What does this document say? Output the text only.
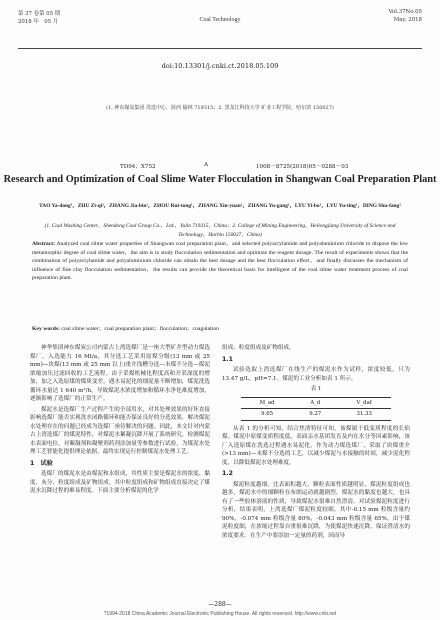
第 37 卷第 05 期
2018 年　05 月	Coal Technology
Vol.37No.05
May. 2018
doi:10.13301/j.cnki.ct.2018.05.109
(1. 神东煤炭集团 洗选中心，陕西 榆林 719315；2. 黑龙江科技大学 矿业工程学院，哈尔滨 150027)
TD94；X752	A	1008－8725(2018)05－0288－03
Research and Optimization of Coal Slime Water Flocculation in Shangwan Coal Preparation Plant
TAO Ya-dong¹，ZHU Zi-qi²，ZHANG Jia-bin¹，ZHOU Rui-tong¹，ZHANG Xin-yuan²，ZHANG Yu-gang¹，LYU Yi-bo¹，LYU Yu-ting¹，DING Shu-fang²
(1. Coal Washing Center，Shendong Coal Group Co.，Ltd.，Yulin 719315，China；2. College of Mining Engineering，Heilongjiang University of Science and Technology，Harbin 150027，China)
Abstract: Analyzed coal slime water properties of Shangwan coal preparation plant，and selected polyacrylamide and polyaluminium chloride to dispose the low metamorphic degree of coal slime water，the aim is to study flocculation sedimentation and optimize the reagent dosage. The result of experiments shows that the combination of polyacrylamide and polyaluminium chloride can obtain the best dosage and the best flocculation effect，and finally discusses the mechanism of influence of fine clay flocculation sedimentation，the results can provide the theoretical basis for intelligent of the coal slime water treatment process of coal preparation plant.
Key words: coal slime water；coal preparation plant；flocculation；coagulation

神华集团神东煤炭公司内蒙古上湾选煤厂是一座大型矿井型动力煤选煤厂，入选能力 16 Mt/a，其分选工艺采用原煤分级(13 mm 或 25 mm)—块煤(13 mm 或 25 mm 以上)重介浅槽分选—末煤不分选—煤泥浓缩加压过滤回收的工艺流程。由于采煤机械化程度高和开采深度的增加，加之入选原煤的煤质变差，遇水易泥化的细泥量不断增加，煤泥洗选循环水量达 1 640 m³/h，导致煤泥水浓度增加和循环水净化难度增加，逐渐影响了选煤厂的正常生产。

煤泥水是选煤厂生产过程产生的全部用水，对其处理效果的好坏直接影响选煤厂能否实现洗水闭路循环和能否保证良好的分选效果，解决煤泥水处理存在的问题已经成为选煤厂亟待解决的问题。因此，本文针对内蒙古上湾选煤厂的煤泥特性，对煤泥水絮凝沉降开展了系统研究，检测煤泥水表面电位，对絮凝剂和凝聚剂药剂添加量等参数进行试验，为煤泥水处理工艺智能化提供理论依据，最终实现运行控制煤泥水处理工艺。

1　试验

选煤厂的煤泥水是由煤泥和水组成，其性质主要是煤泥水的浓度、黏度、灰分、粒度组成及矿物组成。其中粒度组成和矿物组成直接决定了煤泥水沉降过程的难易程度。下面主要分析煤泥的化学

组成、粒度组成及矿物组成。

1.1

试验选取上湾选煤厂在线生产的煤泥水作为试样，浓度较低，只为 13.47 g/L，pH=7.1。煤泥的工业分析如表 1 所示。

表 1
M_ad	A_d	V_daf
9.65	9.27	31.33

从表 1 的分析可知，结合焦渣特征可知，该煤属于低变质程度的长焰煤。煤泥中原煤变质程度低，表面亲水基团发育及内在水分等因素影响，该厂入选原煤在洗选过程遇水易泥化，作为动力煤选煤厂，采取了块煤重介(>13 mm)—末煤不分选的工艺，以减少煤泥与水接触的时间，减少泥化程度，以降低煤泥水处理难度。

1.2

煤泥粒度越细，比表面积越大，颗粒表面性质越明显，煤泥粒度组成也越多，煤泥水中的细颗粒在布朗运动就越剧烈，煤泥水的黏度也越大，也具有了一些胶体溶液的性质，导致煤泥水很难自然澄清。对试验煤泥粒度进行分析，结果表明，上湾选煤厂煤泥粒度较细，其中-0.15 mm 粒级含量约 90%，-0.074 mm 粒级含量 80%，-0.043 mm 粒级含量 65%。由于煤泥粒度细，在浓缩过程靠自重很难沉降，为使煤泥快速沉降，保证澄清水的浓度要求。在生产中要添加一定量的药剂，因而导

—288—
?1994-2018 China Academic Journal Electronic Publishing House. All rights reserved. http://www.cnki.net
